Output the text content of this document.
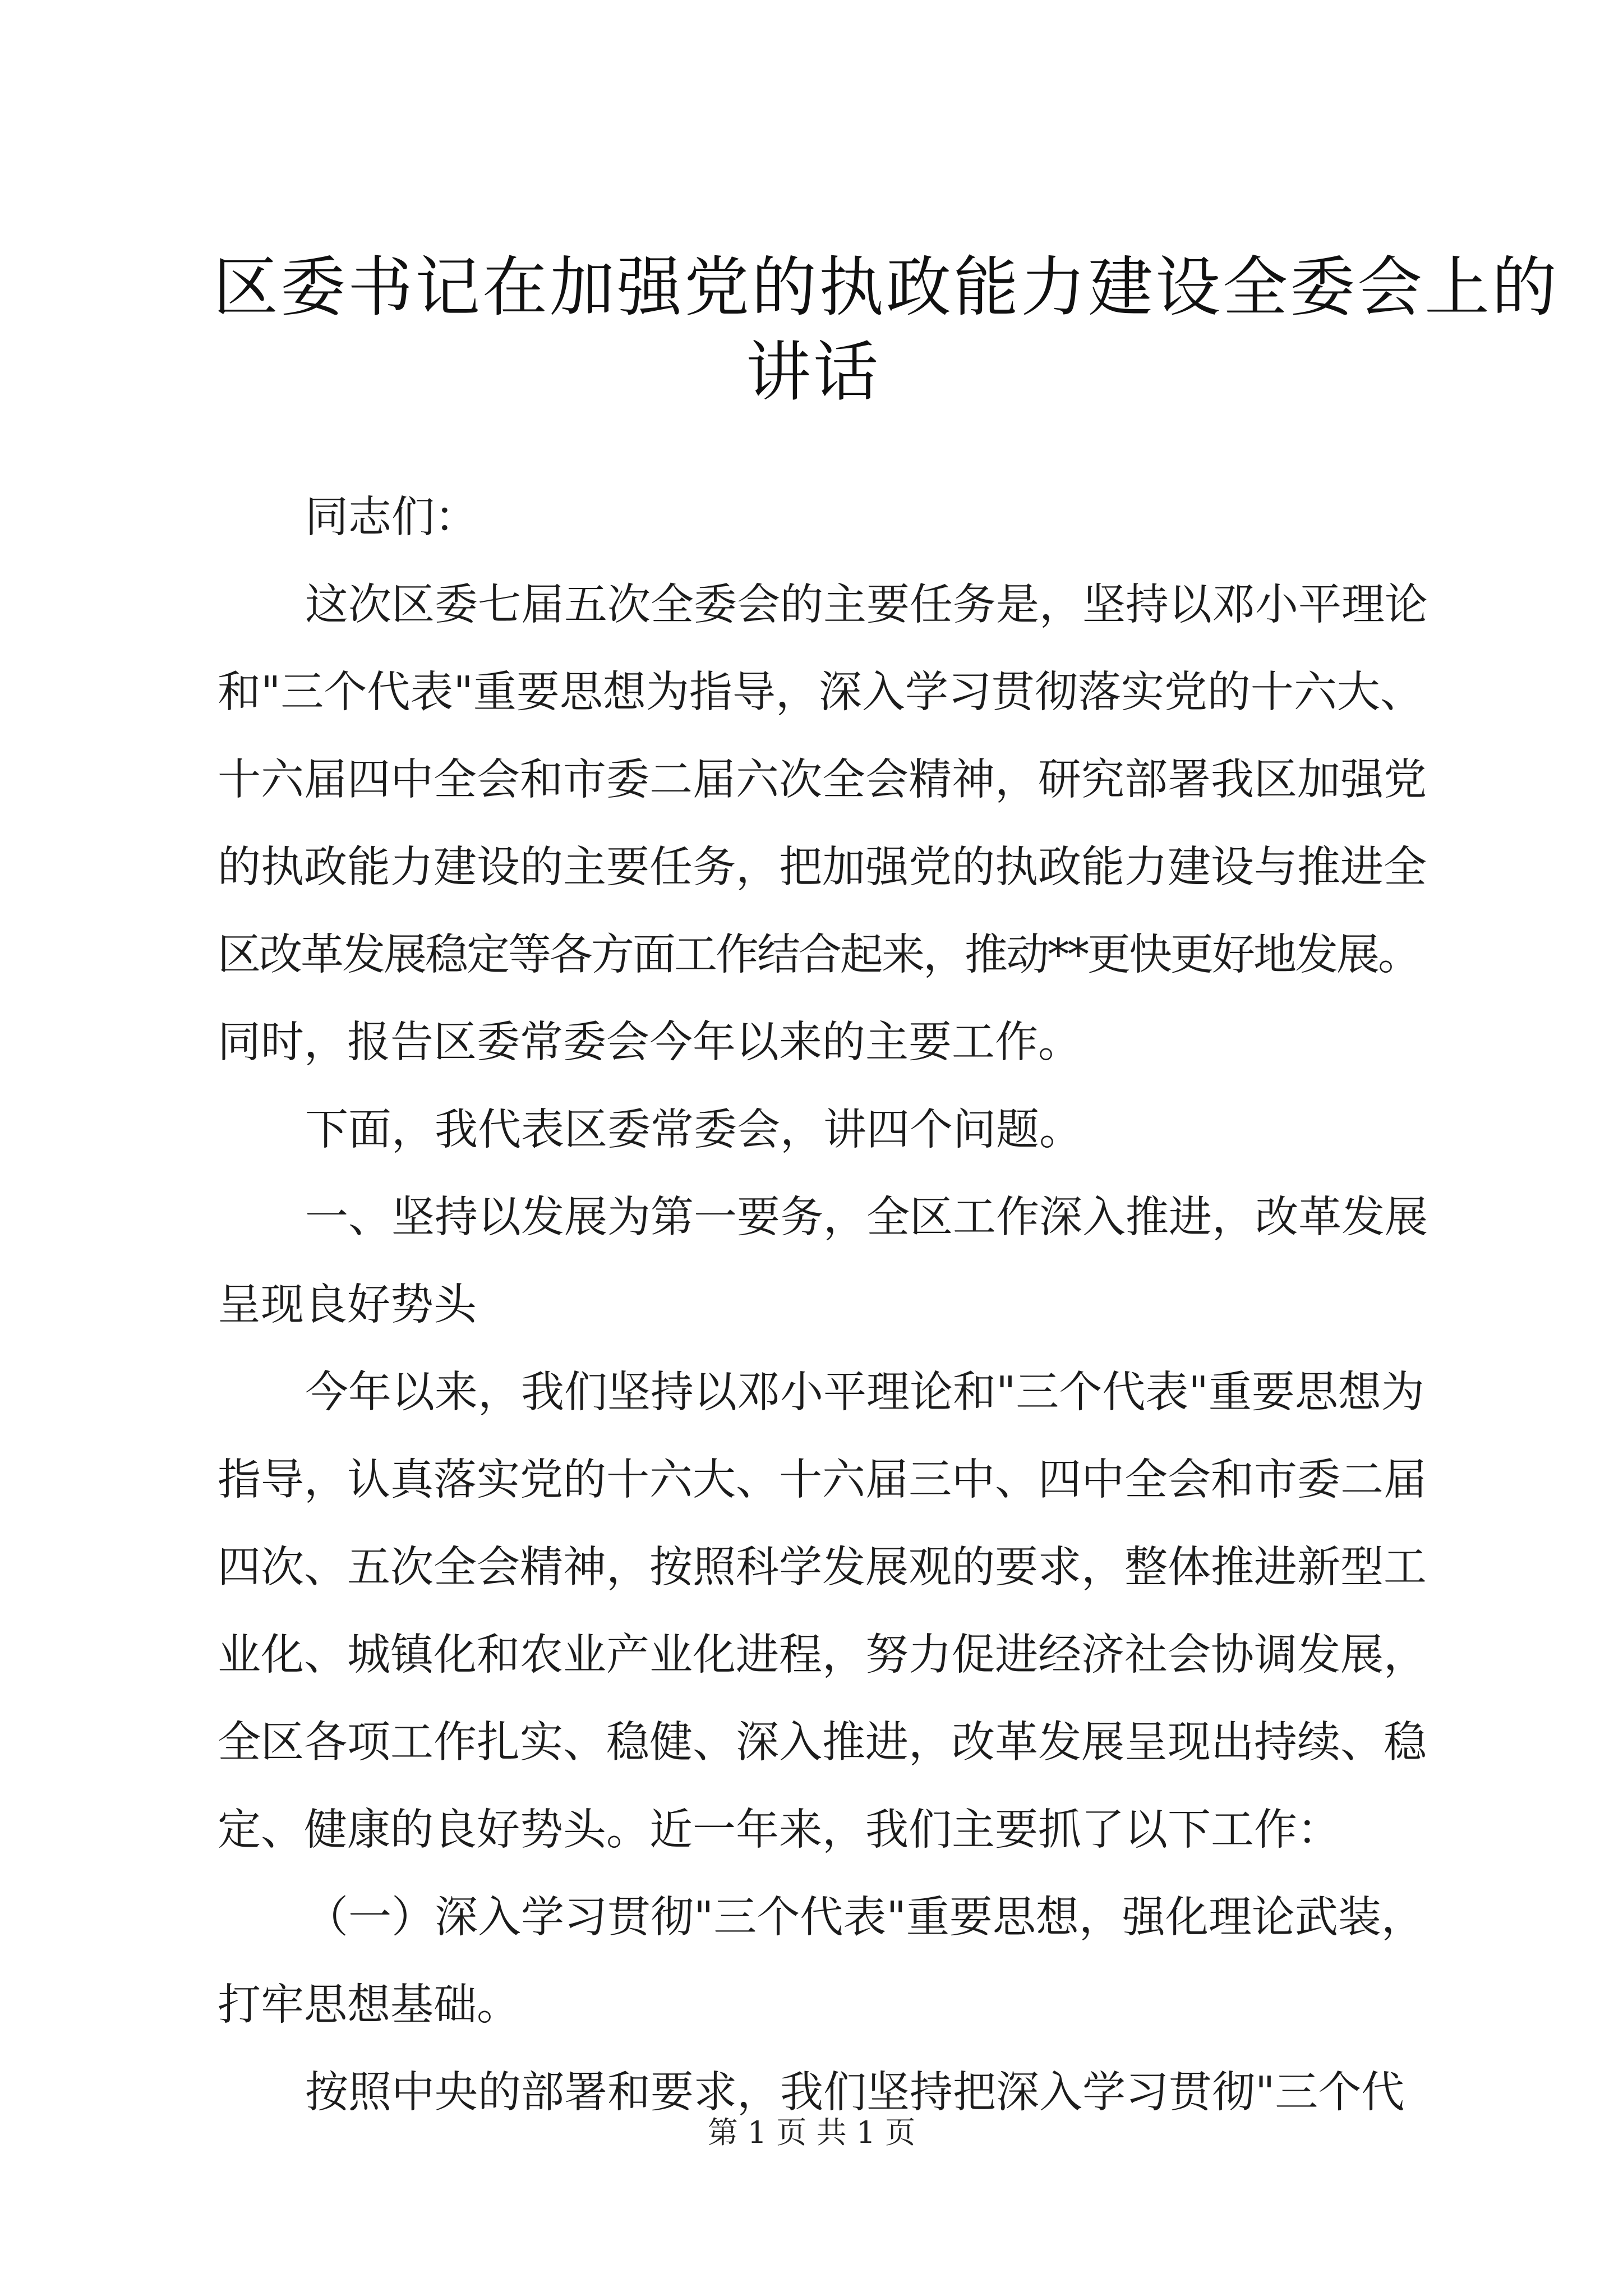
区委书记在加强党的执政能力建设全委会上的
讲话
同志们：
这次区委七届五次全委会的主要任务是，坚持以邓小平理论
和"三个代表"重要思想为指导，深入学习贯彻落实党的十六大、
十六届四中全会和市委二届六次全会精神，研究部署我区加强党
的执政能力建设的主要任务，把加强党的执政能力建设与推进全
区改革发展稳定等各方面工作结合起来，推动**更快更好地发展。
同时，报告区委常委会今年以来的主要工作。
下面，我代表区委常委会，讲四个问题。
一、坚持以发展为第一要务，全区工作深入推进，改革发展
呈现良好势头
今年以来，我们坚持以邓小平理论和"三个代表"重要思想为
指导，认真落实党的十六大、十六届三中、四中全会和市委二届
四次、五次全会精神，按照科学发展观的要求，整体推进新型工
业化、城镇化和农业产业化进程，努力促进经济社会协调发展，
全区各项工作扎实、稳健、深入推进，改革发展呈现出持续、稳
定、健康的良好势头。近一年来，我们主要抓了以下工作：
（一）深入学习贯彻"三个代表"重要思想，强化理论武装，
打牢思想基础。
按照中央的部署和要求，我们坚持把深入学习贯彻"三个代
第 1 页 共 1 页
